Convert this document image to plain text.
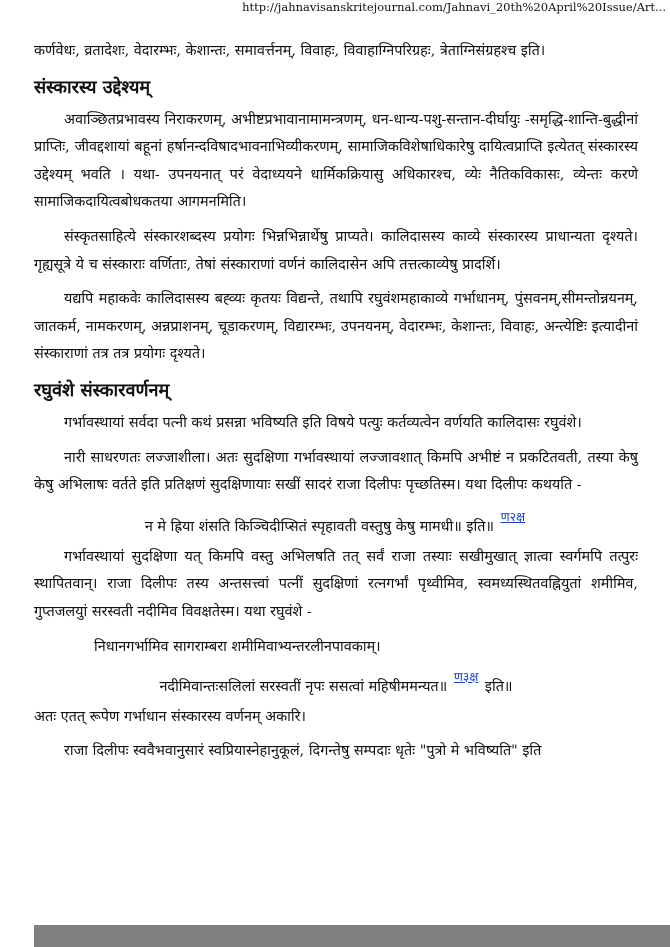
http://jahnavisanskritejournal.com/Jahnavi_20th%20April%20Issue/Art...

कर्णवेधः, व्रतादेशः, वेदारम्भः, केशान्तः, समावर्त्तनम्, विवाहः, विवाहाग्निपरिग्रहः, त्रेताग्निसंग्रहश्च इति।

संस्कारस्य उद्देश्यम्

अवाञ्छितप्रभावस्य निराकरणम्, अभीष्टप्रभावानामामन्त्रणम्, धन-धान्य-पशु-सन्तान-दीर्घायुः -समृद्धि-शान्ति-बुद्धीनां प्राप्तिः, जीवद्दशायां बहूनां हर्षानन्दविषादभावनाभिव्यीकरणम्, सामाजिकविशेषाधिकारेषु दायित्वप्राप्ति इत्येतत् संस्कारस्य उद्देश्यम् भवति । यथा- उपनयनात् परं वेदाध्ययने धार्मिकक्रियासु अधिकारश्च, व्येः नैतिकविकासः, व्येन्तः करणे सामाजिकदायित्वबोधकतया आगमनमिति।

संस्कृतसाहित्ये संस्कारशब्दस्य प्रयोगः भिन्नभिन्नार्थेषु प्राप्यते। कालिदासस्य काव्ये संस्कारस्य प्राधान्यता दृश्यते। गृह्यसूत्रे ये च संस्काराः वर्णिताः, तेषां संस्काराणां वर्णनं कालिदासेन अपि तत्तत्काव्येषु प्रादर्शि।

यद्यपि महाकवेः कालिदासस्य बह्व्यः कृतयः विद्यन्ते, तथापि रघुवंशमहाकाव्ये गर्भाधानम्, पुंसवनम्,सीमन्तोन्नयनम्, जातकर्म, नामकरणम्, अन्नप्राशनम्, चूडाकरणम्, विद्यारम्भः, उपनयनम्, वेदारम्भः, केशान्तः, विवाहः, अन्त्येष्टिः इत्यादीनां संस्काराणां तत्र तत्र प्रयोगः दृश्यते।

रघुवंशे संस्कारवर्णनम्

गर्भावस्थायां सर्वदा पत्नी कथं प्रसन्ना भविष्यति इति विषये पत्युः कर्तव्यत्वेन वर्णयति कालिदासः रघुवंशे।

नारी साधरणतः लज्जाशीला। अतः सुदक्षिणा गर्भावस्थायां लज्जावशात् किमपि अभीष्टं न प्रकटितवती, तस्या केषु केषु अभिलाषः वर्तते इति प्रतिक्षणं सुदक्षिणायाः सखीं सादरं राजा दिलीपः पृच्छतिस्म। यथा दिलीपः कथयति -

न मे ह्रिया शंसति किञ्चिदीप्सितं स्पृहावती वस्तुषु केषु मामधी॥ इति॥ ण२क्ष

गर्भावस्थायां सुदक्षिणा यत् किमपि वस्तु अभिलषति तत् सर्वं राजा तस्याः सखीमुखात् ज्ञात्वा स्वर्गमपि तत्पुरः स्थापितवान्। राजा दिलीपः तस्य अन्तसत्त्वां पत्नीं सुदक्षिणां रत्नगर्भां पृथ्वीमिव, स्वमध्यस्थितवह्नियुतां शमीमिव, गुप्तजलयुां सरस्वती नदीमिव विवक्षतेस्म। यथा रघुवंशे -

निधानगर्भामिव सागराम्बरा शमीमिवाभ्यन्तरलीनपावकाम्।
नदीमिवान्तःसलिलां सरस्वतीं नृपः ससत्वां महिषीममन्यत॥ ण३क्ष इति॥

अतः एतत् रूपेण गर्भाधान संस्कारस्य वर्णनम् अकारि।

राजा दिलीपः स्ववैभवानुसारं स्वप्रियास्नेहानुकूलं, दिगन्तेषु सम्पदाः धृतेः "पुत्रो मे भविष्यति" इति
